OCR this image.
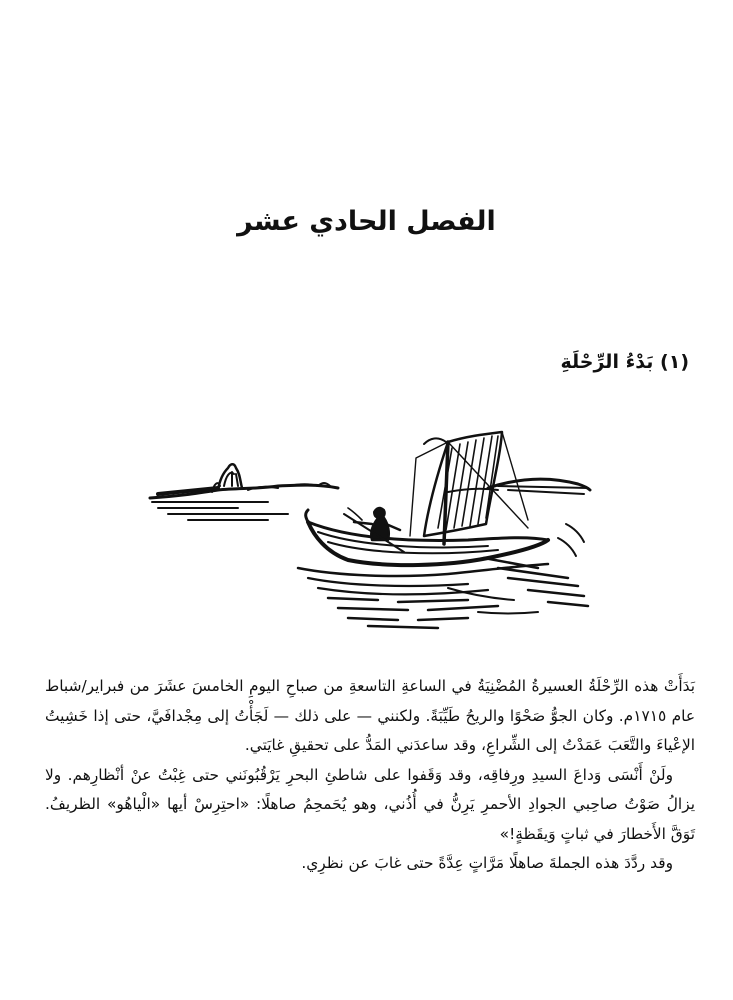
الفصل الحادي عشر
(١) بَدْءُ الرِّحْلَةِ

بَدَأَتْ هذه الرِّحْلَةُ العسيرةُ المُضْنِيَةُ في الساعةِ التاسعةِ من صباحِ اليومِ الخامسَ عشَرَ من فبراير/شباط عام ١٧١٥م. وكان الجوُّ صَحْوًا والريحُ طَيِّبَةً. ولكنني — على ذلك — لَجَأْتُ إلى مِجْدافَيَّ، حتى إذا خَشِيتُ الإعْياءَ والتَّعَبَ عَمَدْتُ إلى الشِّراعِ، وقد ساعدَني المَدُّ على تحقيقِ غايَتي.

ولَنْ أَنْسَى وَداعَ السيدِ ورِفاقِه، وقد وَقَفوا على شاطئِ البحرِ يَرْقُبُونَني حتى غِبْتُ عنْ أنْظارِهم. ولا يزالُ صَوْتُ صاحِبي الجوادِ الأحمرِ يَرِنُّ في أُذُني، وهو يُحَمحِمُ صاهلًا: «احتِرِسْ أيها «الْياهُو» الظريفُ. تَوَقَّ الأَخطارَ في ثباتٍ وَيقَظةٍ!»

وقد ردَّدَ هذه الجملةَ صاهلًا مَرَّاتٍ عِدَّةً حتى غابَ عن نظرِي.
